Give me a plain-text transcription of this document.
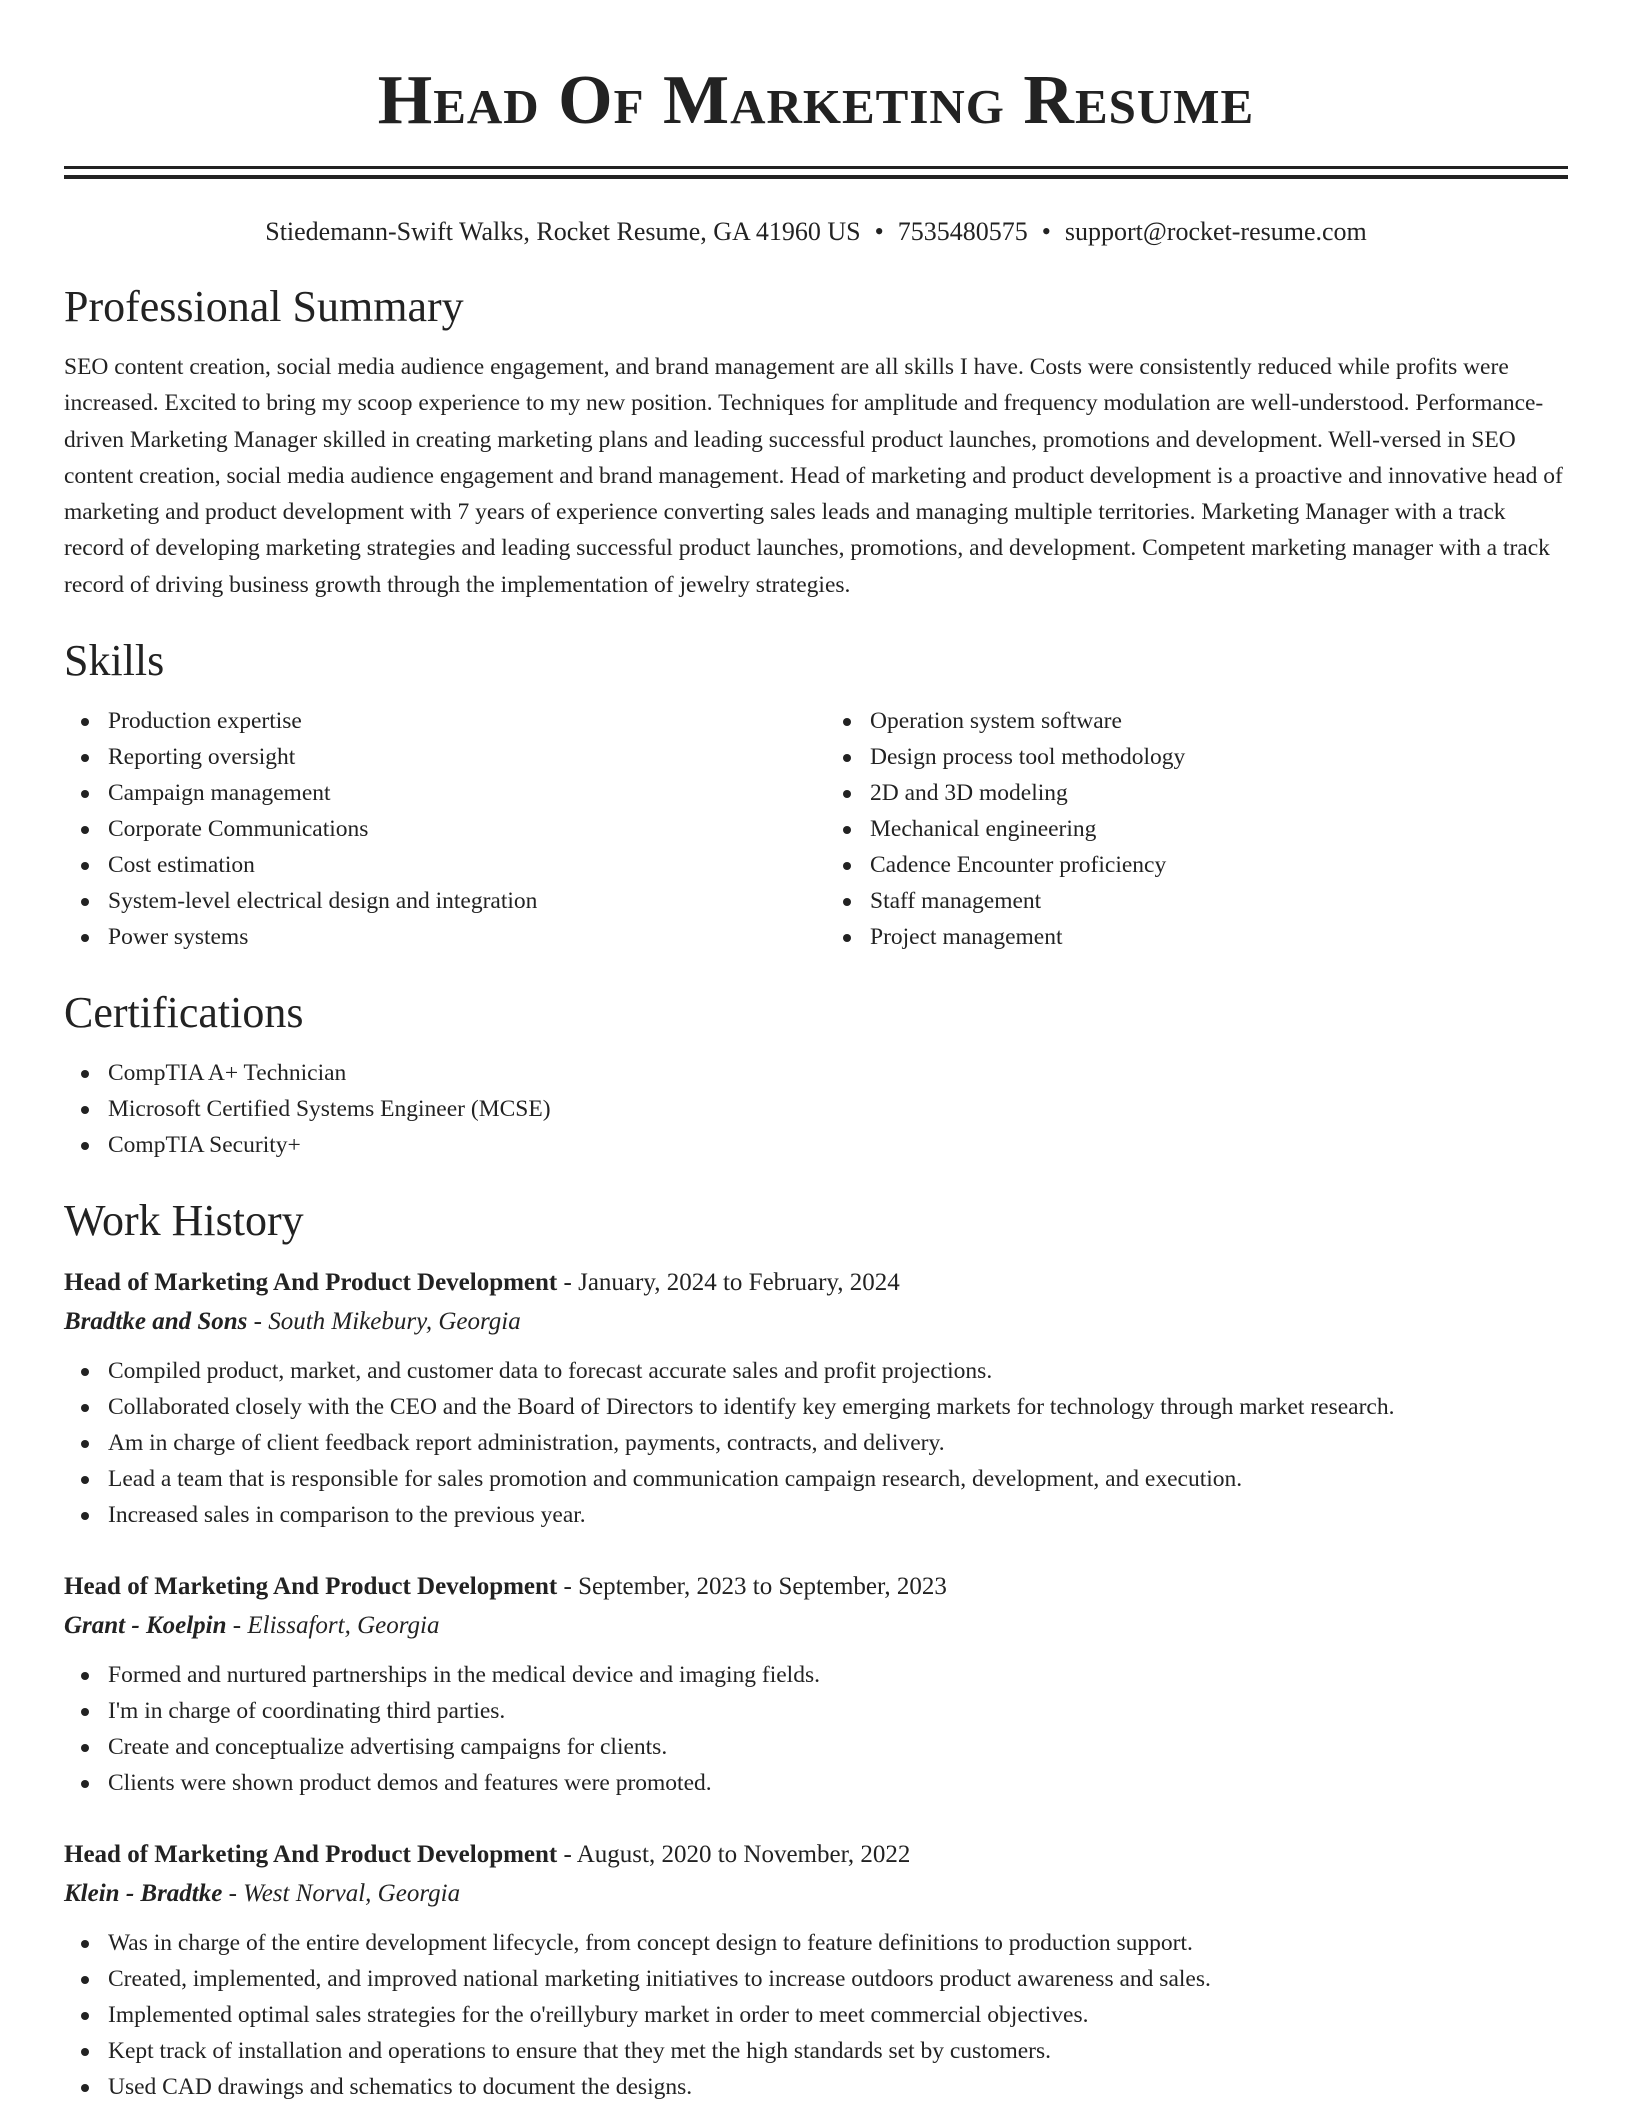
Head Of Marketing Resume
Stiedemann-Swift Walks, Rocket Resume, GA 41960 US • 7535480575 • support@rocket-resume.com
Professional Summary

SEO content creation, social media audience engagement, and brand management are all skills I have. Costs were consistently reduced while profits were increased. Excited to bring my scoop experience to my new position. Techniques for amplitude and frequency modulation are well-understood. Performance-driven Marketing Manager skilled in creating marketing plans and leading successful product launches, promotions and development. Well-versed in SEO content creation, social media audience engagement and brand management. Head of marketing and product development is a proactive and innovative head of marketing and product development with 7 years of experience converting sales leads and managing multiple territories. Marketing Manager with a track record of developing marketing strategies and leading successful product launches, promotions, and development. Competent marketing manager with a track record of driving business growth through the implementation of jewelry strategies.

Skills
Production expertise
Reporting oversight
Campaign management
Corporate Communications
Cost estimation
System-level electrical design and integration
Power systems
Operation system software
Design process tool methodology
2D and 3D modeling
Mechanical engineering
Cadence Encounter proficiency
Staff management
Project management
Certifications
CompTIA A+ Technician
Microsoft Certified Systems Engineer (MCSE)
CompTIA Security+
Work History
Head of Marketing And Product Development - January, 2024 to February, 2024
Bradtke and Sons - South Mikebury, Georgia
Compiled product, market, and customer data to forecast accurate sales and profit projections.
Collaborated closely with the CEO and the Board of Directors to identify key emerging markets for technology through market research.
Am in charge of client feedback report administration, payments, contracts, and delivery.
Lead a team that is responsible for sales promotion and communication campaign research, development, and execution.
Increased sales in comparison to the previous year.
Head of Marketing And Product Development - September, 2023 to September, 2023
Grant - Koelpin - Elissafort, Georgia
Formed and nurtured partnerships in the medical device and imaging fields.
I'm in charge of coordinating third parties.
Create and conceptualize advertising campaigns for clients.
Clients were shown product demos and features were promoted.
Head of Marketing And Product Development - August, 2020 to November, 2022
Klein - Bradtke - West Norval, Georgia
Was in charge of the entire development lifecycle, from concept design to feature definitions to production support.
Created, implemented, and improved national marketing initiatives to increase outdoors product awareness and sales.
Implemented optimal sales strategies for the o'reillybury market in order to meet commercial objectives.
Kept track of installation and operations to ensure that they met the high standards set by customers.
Used CAD drawings and schematics to document the designs.
